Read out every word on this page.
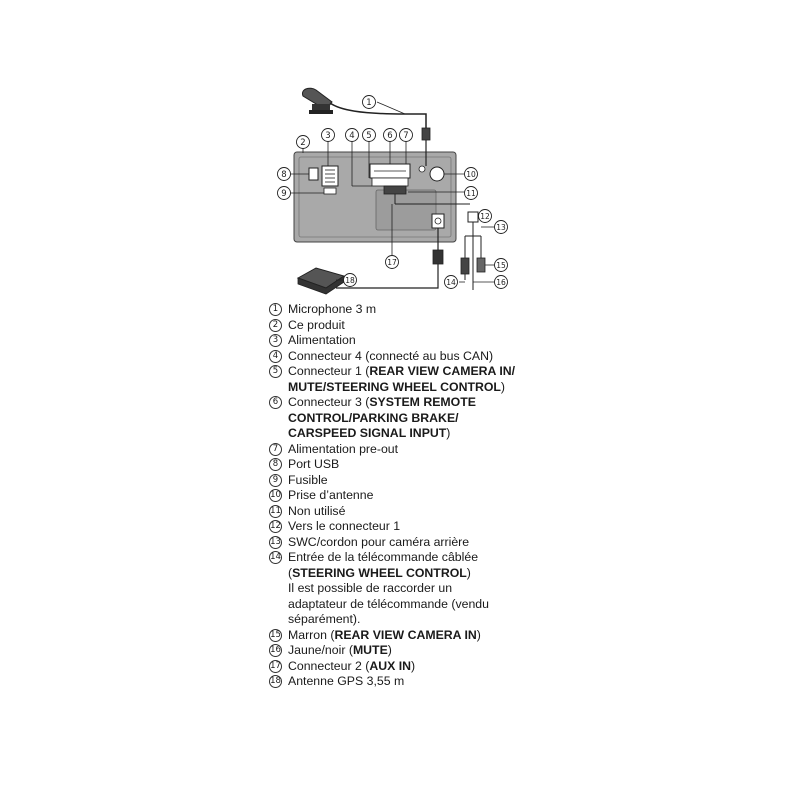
1
2
3 4 5 6 7
8
9
10
11
12
13
14
15
16
17
18
1 Microphone 3 m
2 Ce produit
3 Alimentation
4 Connecteur 4 (connecté au bus CAN)
5 Connecteur 1 (REAR VIEW CAMERA IN/
MUTE/STEERING WHEEL CONTROL)
6 Connecteur 3 (SYSTEM REMOTE
CONTROL/PARKING BRAKE/
CARSPEED SIGNAL INPUT)
7 Alimentation pre-out
8 Port USB
9 Fusible
10 Prise d’antenne
11 Non utilisé
12 Vers le connecteur 1
13 SWC/cordon pour caméra arrière
14 Entrée de la télécommande câblée
(STEERING WHEEL CONTROL)
Il est possible de raccorder un
adaptateur de télécommande (vendu
séparément).
15 Marron (REAR VIEW CAMERA IN)
16 Jaune/noir (MUTE)
17 Connecteur 2 (AUX IN)
18 Antenne GPS 3,55 m
